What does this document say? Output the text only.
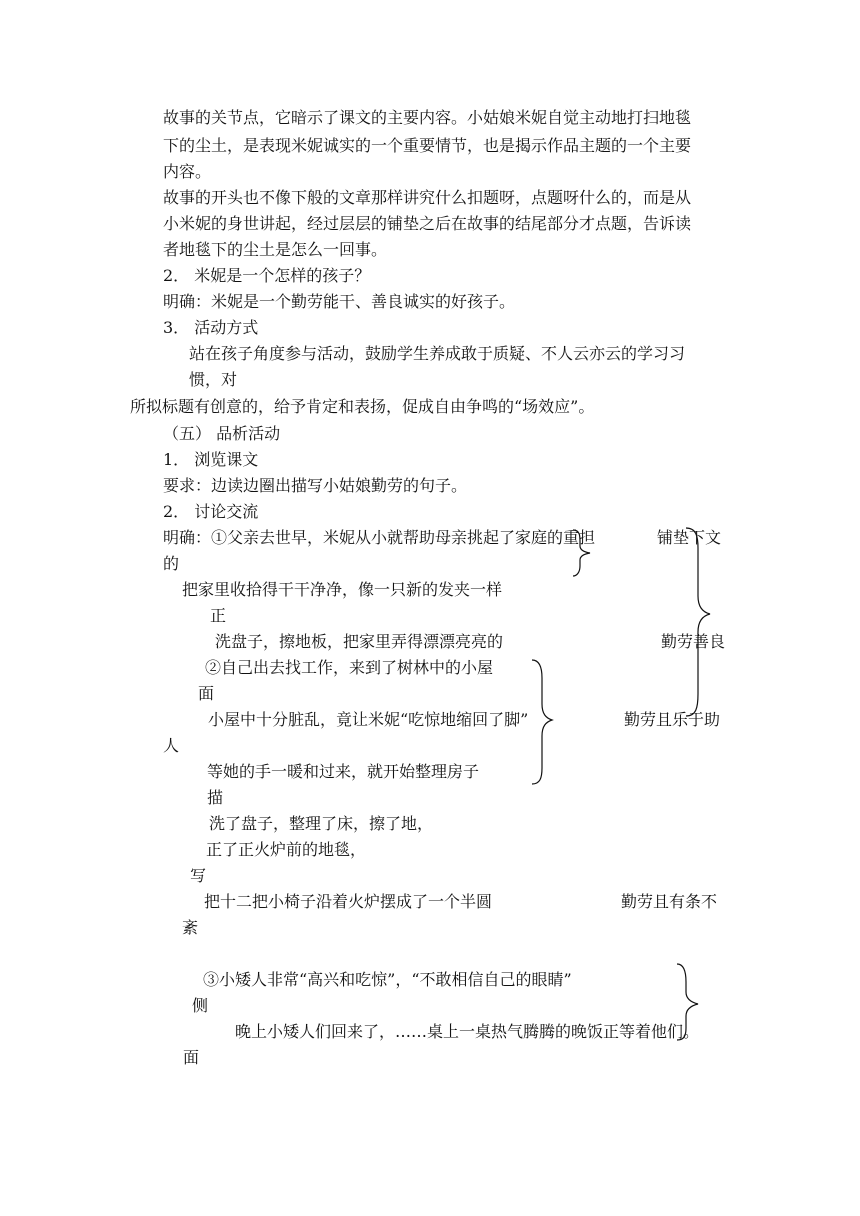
故事的关节点，它暗示了课文的主要内容。小姑娘米妮自觉主动地打扫地毯
下的尘土，是表现米妮诚实的一个重要情节，也是揭示作品主题的一个主要
内容。
故事的开头也不像下般的文章那样讲究什么扣题呀，点题呀什么的，而是从
小米妮的身世讲起，经过层层的铺垫之后在故事的结尾部分才点题，告诉读
者地毯下的尘土是怎么一回事。
2． 米妮是一个怎样的孩子？
明确：米妮是一个勤劳能干、善良诚实的好孩子。
3． 活动方式
站在孩子角度参与活动，鼓励学生养成敢于质疑、不人云亦云的学习习
惯，对
所拟标题有创意的，给予肯定和表扬，促成自由争鸣的“场效应”。
（五） 品析活动
1． 浏览课文
要求：边读边圈出描写小姑娘勤劳的句子。
2． 讨论交流
明确：①父亲去世早，米妮从小就帮助母亲挑起了家庭的重担	铺垫下文
的
把家里收拾得干干净净，像一只新的发夹一样
正
洗盘子，擦地板，把家里弄得漂漂亮亮的	勤劳善良
②自己出去找工作，来到了树林中的小屋
面
小屋中十分脏乱，竟让米妮“吃惊地缩回了脚”	勤劳且乐于助
人
等她的手一暖和过来，就开始整理房子
描
洗了盘子，整理了床，擦了地，
正了正火炉前的地毯，
写
把十二把小椅子沿着火炉摆成了一个半圆	勤劳且有条不
紊
③小矮人非常“高兴和吃惊”，“不敢相信自己的眼睛”
侧
晚上小矮人们回来了，……桌上一桌热气腾腾的晚饭正等着他们。
面
